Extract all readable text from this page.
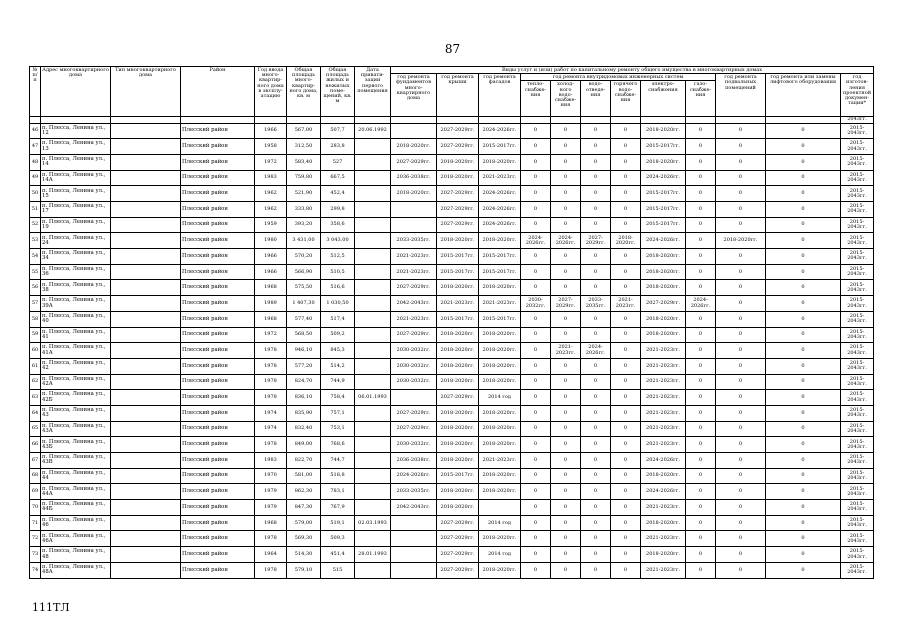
87
№ п/п	Адрес многоквартирного дома	Тип многоквартирного дома	Район	Год ввода много-квартир-ного дома в эксплу-атацию	Общая площадь много-квартир-ного дома, кв. м	Общая площадь жилых и нежилых поме-щений, кв. м	Дата привати-зации первого помещения	Виды услуг и (или) работ по капитальному ремонту общего имущества в многоквартирных домах											
								год ремонта фундаментов много-квартирного дома	год ремонта крыши	год ремонта фасадов	год ремонта внутридомовых инженерных систем						год ремонта подвальных помещений	год ремонта или замены лифтового оборудования	год изготов-ления проектной докумен-тации*
											тепло-снабже-ния	холод-ного водо-снабже-ния	водо-отведе-ния	горячего водо-снабже-ния	электро-снабжения	газо-снабже-ния			
																			2043гг.
46	п. Плесса, Ленина ул., 12		Плесский район	1966	567,00	507,7	20.06.1992		2027-2029гг.	2024-2026гг.	0	0	0	0	2018-2020гг.	0	0	0	2015-2043гг.
47	п. Плесса, Ленина ул., 13		Плесский район	1958	312,50	283,8		2018-2020гг.	2027-2029гг.	2015-2017гг.	0	0	0	0	2015-2017гг.	0	0	0	2015-2043гг.
48	п. Плесса, Ленина ул., 14		Плесский район	1972	583,40	527		2027-2029гг.	2018-2020гг.	2018-2020гг.	0	0	0	0	2018-2020гг.	0	0	0	2015-2043гг.
49	п. Плесса, Ленина ул., 14А		Плесский район	1983	759,80	667,5		2036-2038гг.	2018-2020гг.	2021-2023гг.	0	0	0	0	2024-2026гг.	0	0	0	2015-2043гг.
50	п. Плесса, Ленина ул., 15		Плесский район	1962	521,90	452,4		2018-2020гг.	2027-2029гг.	2024-2026гг.	0	0	0	0	2015-2017гг.	0	0	0	2015-2043гг.
51	п. Плесса, Ленина ул., 17		Плесский район	1962	333,80	299,8			2027-2029гг.	2024-2026гг.	0	0	0	0	2015-2017гг.	0	0	0	2015-2043гг.
52	п. Плесса, Ленина ул., 19		Плесский район	1959	393,20	358,6			2027-2029гг.	2024-2026гг.	0	0	0	0	2015-2017гг.	0	0	0	2015-2043гг.
53	п. Плесса, Ленина ул., 24		Плесский район	1980	3 431,00	3 043,00		2033-2035гг.	2018-2020гг.	2018-2020гг.	2024-2026гг.	2024-2026гг.	2027-2029гг.	2018-2020гг.	2024-2026гг.	0	2018-2020гг.	0	2015-2043гг.
54	п. Плесса, Ленина ул., 34		Плесский район	1966	570,20	512,5		2021-2023гг.	2015-2017гг.	2015-2017гг.	0	0	0	0	2018-2020гг.	0	0	0	2015-2043гг.
55	п. Плесса, Ленина ул., 36		Плесский район	1966	566,90	510,5		2021-2023гг.	2015-2017гг.	2015-2017гг.	0	0	0	0	2018-2020гг.	0	0	0	2015-2043гг.
56	п. Плесса, Ленина ул., 38		Плесский район	1968	575,50	516,6		2027-2029гг.	2018-2020гг.	2018-2020гг.	0	0	0	0	2018-2020гг.	0	0	0	2015-2043гг.
57	п. Плесса, Ленина ул., 39А		Плесский район	1989	1 407,30	1 030,50		2042-2043гг.	2021-2023гг.	2021-2023гг.	2030-2032гг.	2027-2029гг.	2033-2035гг.	2021-2023гг.	2027-2029гг.	2024-2026гг.	0	0	2015-2043гг.
58	п. Плесса, Ленина ул., 40		Плесский район	1968	577,40	517,4		2021-2023гг.	2015-2017гг.	2015-2017гг.	0	0	0	0	2018-2020гг.	0	0	0	2015-2043гг.
59	п. Плесса, Ленина ул., 41		Плесский район	1972	568,50	509,2		2027-2029гг.	2018-2020гг.	2018-2020гг.	0	0	0	0	2018-2020гг.	0	0	0	2015-2043гг.
60	п. Плесса, Ленина ул., 41А		Плесский район	1978	946,10	845,3		2030-2032гг.	2018-2020гг.	2018-2020гг.	0	2021-2023гг.	2024-2026гг.	0	2021-2023гг.	0	0	0	2015-2043гг.
61	п. Плесса, Ленина ул., 42		Плесский район	1978	577,20	514,2		2030-2032гг.	2018-2020гг.	2018-2020гг.	0	0	0	0	2021-2023гг.	0	0	0	2015-2043гг.
62	п. Плесса, Ленина ул., 42А		Плесский район	1978	824,70	744,9		2030-2032гг.	2018-2020гг.	2018-2020гг.	0	0	0	0	2021-2023гг.	0	0	0	2015-2043гг.
63	п. Плесса, Ленина ул., 42Б		Плесский район	1978	836,10	758,4	06.01.1993		2027-2029гг.	2014 год	0	0	0	0	2021-2023гг.	0	0	0	2015-2043гг.
64	п. Плесса, Ленина ул., 43		Плесский район	1974	835,90	757,1		2027-2029гг.	2018-2020гг.	2018-2020гг.	0	0	0	0	2021-2023гг.	0	0	0	2015-2043гг.
65	п. Плесса, Ленина ул., 43А		Плесский район	1974	832,40	753,1		2027-2029гг.	2018-2020гг.	2018-2020гг.	0	0	0	0	2021-2023гг.	0	0	0	2015-2043гг.
66	п. Плесса, Ленина ул., 43Б		Плесский район	1978	849,00	768,6		2030-2032гг.	2018-2020гг.	2018-2020гг.	0	0	0	0	2021-2023гг.	0	0	0	2015-2043гг.
67	п. Плесса, Ленина ул., 43В		Плесский район	1983	822,70	744,7		2036-2038гг.	2018-2020гг.	2021-2023гг.	0	0	0	0	2024-2026гг.	0	0	0	2015-2043гг.
68	п. Плесса, Ленина ул., 44		Плесский район	1970	581,00	518,8		2024-2026гг.	2015-2017гг.	2018-2020гг.	0	0	0	0	2018-2020гг.	0	0	0	2015-2043гг.
69	п. Плесса, Ленина ул., 44А		Плесский район	1979	862,30	783,1		2033-2035гг.	2018-2020гг.	2018-2020гг.	0	0	0	0	2024-2026гг.	0	0	0	2015-2043гг.
70	п. Плесса, Ленина ул., 44Б		Плесский район	1979	847,30	767,9		2042-2043гг.	2018-2020гг.		0	0	0	0	2021-2023гг.	0	0	0	2015-2043гг.
71	п. Плесса, Ленина ул., 46		Плесский район	1968	579,00	519,1	02.03.1993		2027-2029гг.	2014 год	0	0	0	0	2018-2020гг.	0	0	0	2015-2043гг.
72	п. Плесса, Ленина ул., 46А		Плесский район	1978	569,30	509,3			2027-2029гг.	2018-2020гг.	0	0	0	0	2021-2023гг.	0	0	0	2015-2043гг.
73	п. Плесса, Ленина ул., 48		Плесский район	1964	514,30	451,4	28.01.1993		2027-2029гг.	2014 год	0	0	0	0	2018-2020гг.	0	0	0	2015-2043гг.
74	п. Плесса, Ленина ул., 48А		Плесский район	1978	579,10	515			2027-2029гг.	2018-2020гг.	0	0	0	0	2021-2023гг.	0	0	0	2015-2043гг.
111ТЛ
